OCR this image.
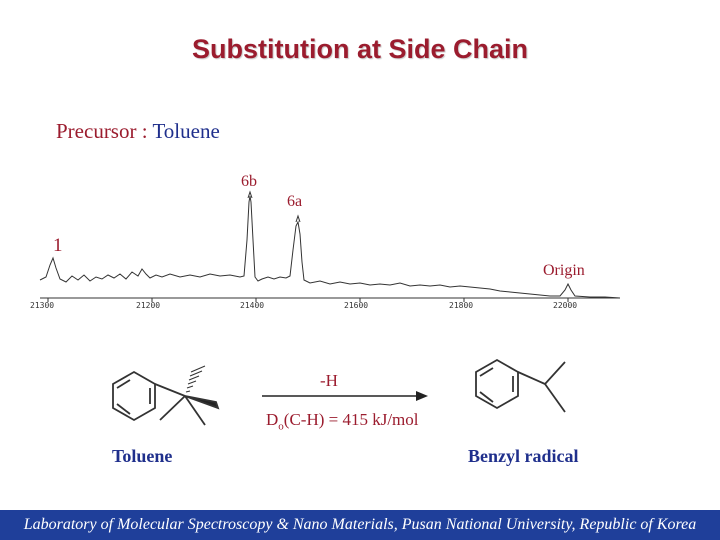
Substitution at Side Chain
Precursor : Toluene
21300	21200	21400	21600	21800	22000
1
6b
6a
Origin
-H
$D_o(C-H) = 415$ kJ/mol
Toluene	Benzyl radical
Laboratory of Molecular Spectroscopy & Nano Materials, Pusan National University, Republic of Korea
